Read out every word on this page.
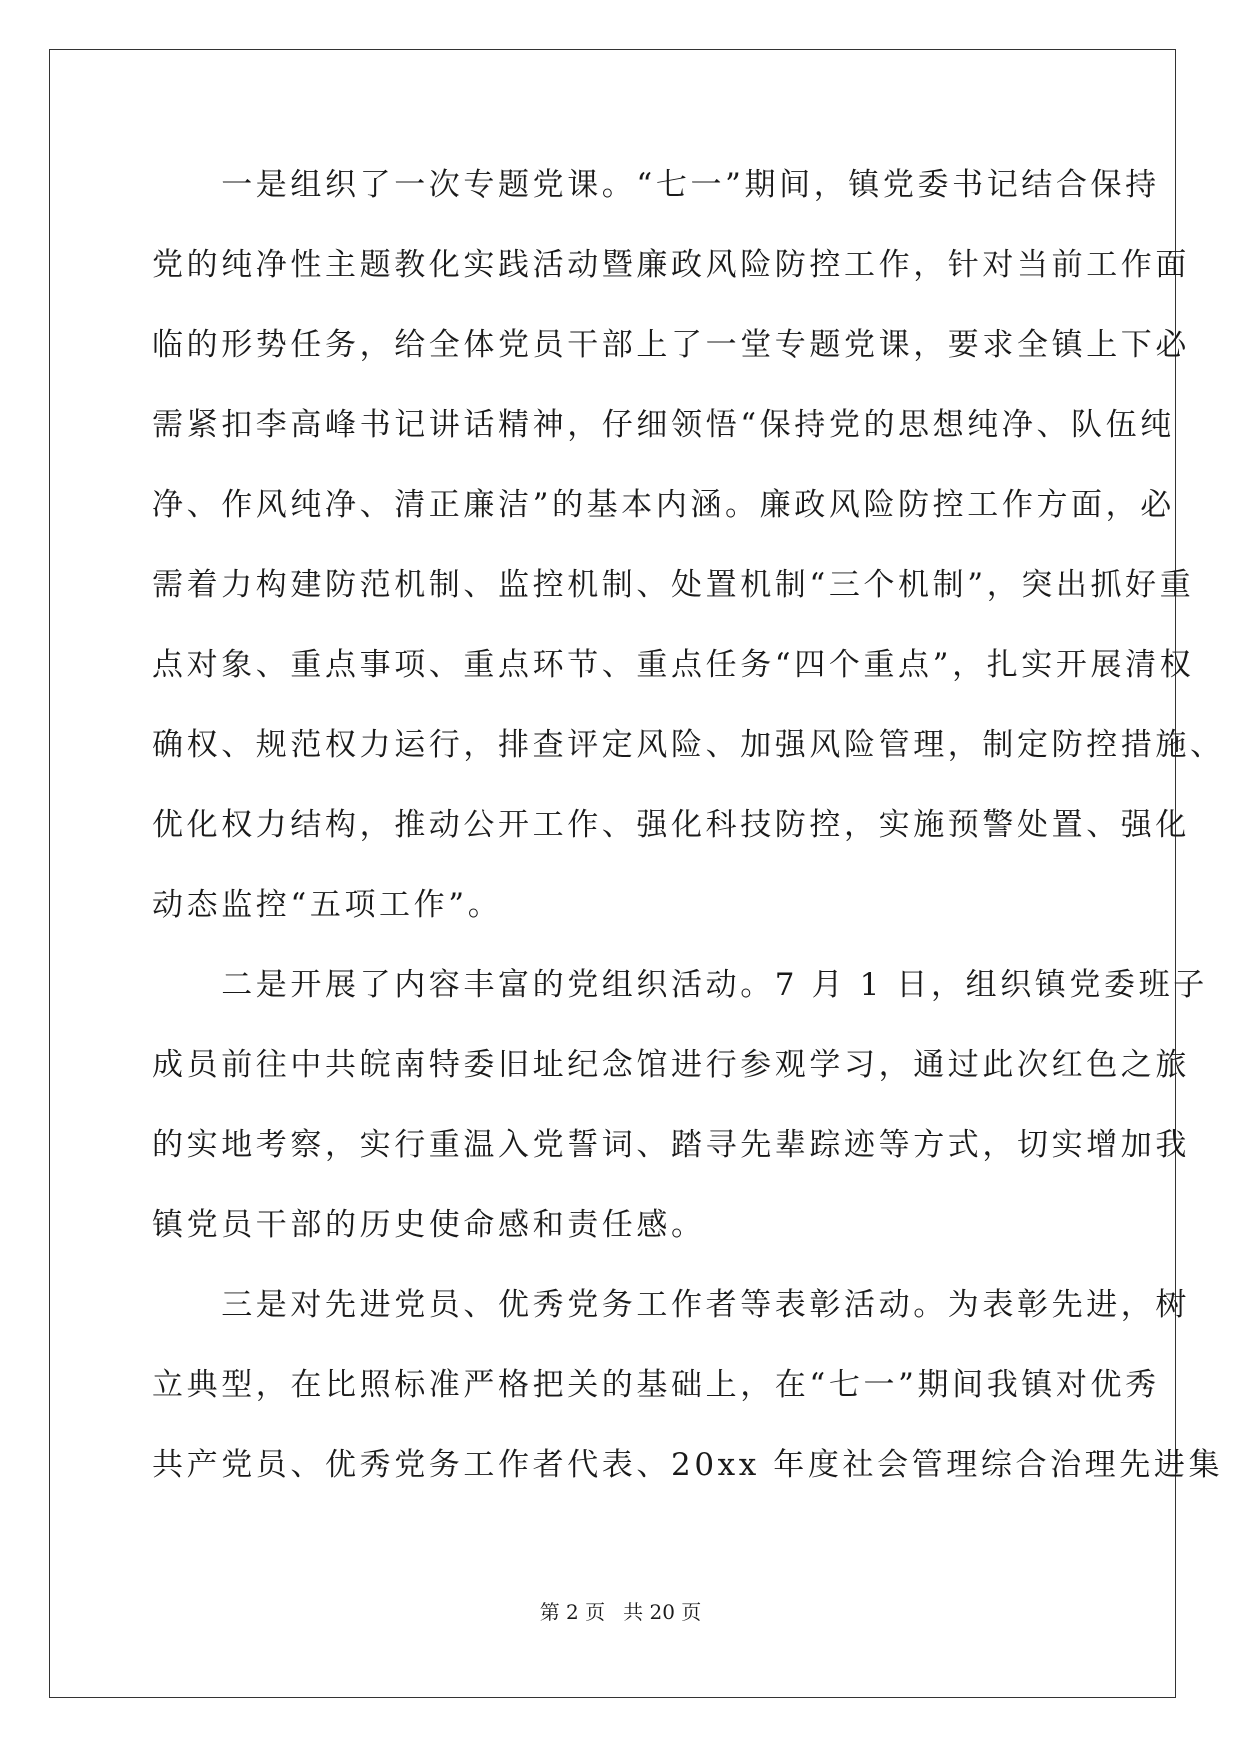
　　一是组织了一次专题党课。“七一”期间，镇党委书记结合保持
党的纯净性主题教化实践活动暨廉政风险防控工作，针对当前工作面
临的形势任务，给全体党员干部上了一堂专题党课，要求全镇上下必
需紧扣李高峰书记讲话精神，仔细领悟“保持党的思想纯净、队伍纯
净、作风纯净、清正廉洁”的基本内涵。廉政风险防控工作方面，必
需着力构建防范机制、监控机制、处置机制“三个机制”，突出抓好重
点对象、重点事项、重点环节、重点任务“四个重点”，扎实开展清权
确权、规范权力运行，排查评定风险、加强风险管理，制定防控措施、
优化权力结构，推动公开工作、强化科技防控，实施预警处置、强化
动态监控“五项工作”。
　　二是开展了内容丰富的党组织活动。7 月 1 日，组织镇党委班子
成员前往中共皖南特委旧址纪念馆进行参观学习，通过此次红色之旅
的实地考察，实行重温入党誓词、踏寻先辈踪迹等方式，切实增加我
镇党员干部的历史使命感和责任感。
　　三是对先进党员、优秀党务工作者等表彰活动。为表彰先进，树
立典型，在比照标准严格把关的基础上，在“七一”期间我镇对优秀
共产党员、优秀党务工作者代表、20xx 年度社会管理综合治理先进集
第 2 页 共 20 页
